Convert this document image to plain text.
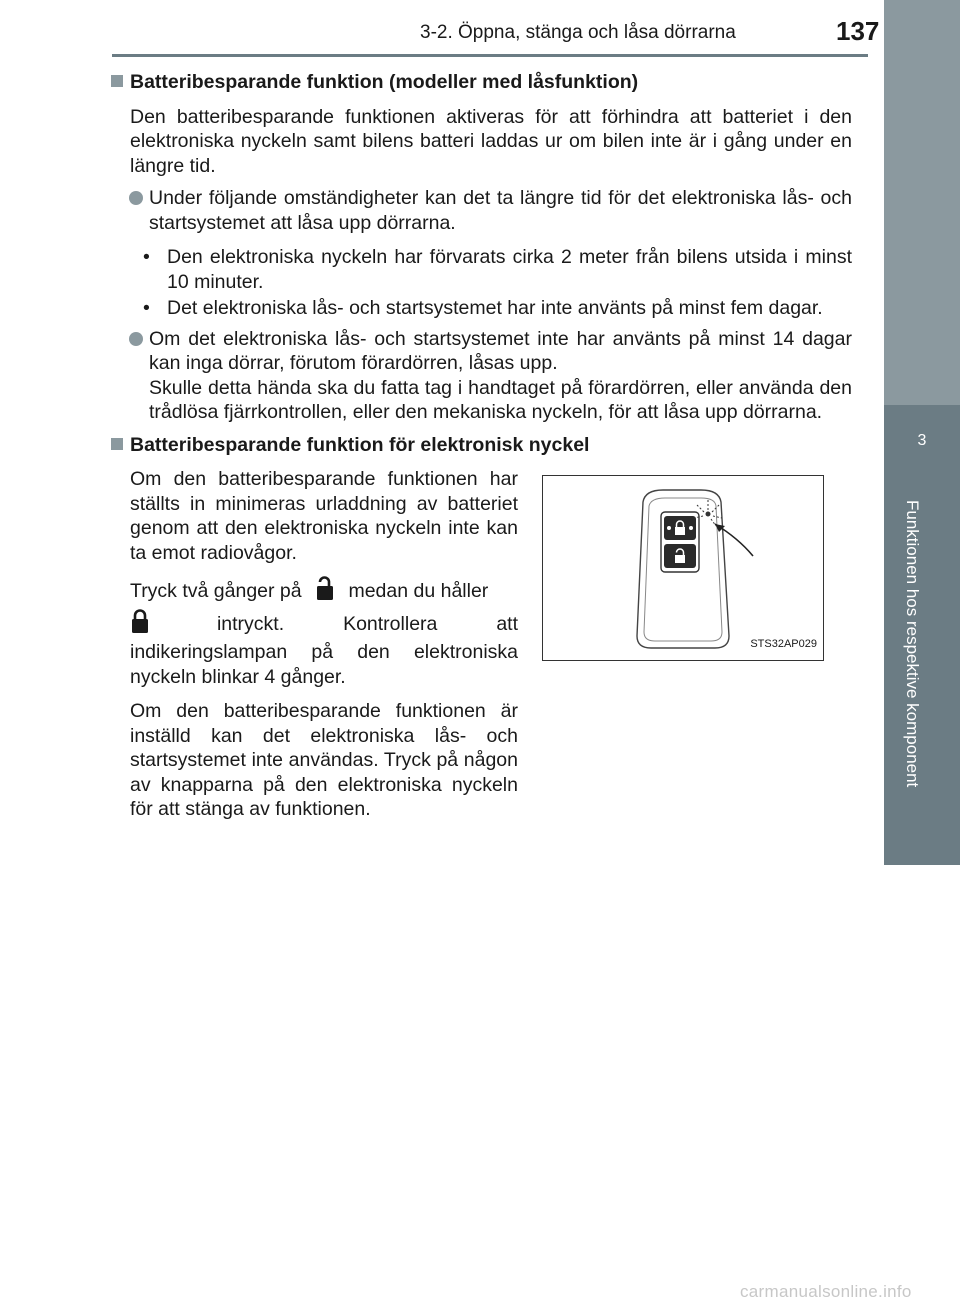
3-2. Öppna, stänga och låsa dörrarna	137
3
Funktionen hos respektive komponent
Batteribesparande funktion (modeller med låsfunktion)

Den batteribesparande funktionen aktiveras för att förhindra att batteriet i den elektroniska nyckeln samt bilens batteri laddas ur om bilen inte är i gång under en längre tid.

Under följande omständigheter kan det ta längre tid för det elektroniska lås- och startsystemet att låsa upp dörrarna.
• Den elektroniska nyckeln har förvarats cirka 2 meter från bilens utsida i minst 10 minuter.
• Det elektroniska lås- och startsystemet har inte använts på minst fem dagar.
Om det elektroniska lås- och startsystemet inte har använts på minst 14 dagar kan inga dörrar, förutom förardörren, låsas upp.
Skulle detta hända ska du fatta tag i handtaget på förardörren, eller använda den trådlösa fjärrkontrollen, eller den mekaniska nyckeln, för att låsa upp dörrarna.
Batteribesparande funktion för elektronisk nyckel

Om den batteribesparande funktionen har ställts in minimeras urladdning av batteriet genom att den elektroniska nyckeln inte kan ta emot radiovågor.

Tryck två gånger på medan du håller
intryckt. Kontrollera att indikeringslampan på den elektroniska nyckeln blinkar 4 gånger.

Om den batteribesparande funktionen är inställd kan det elektroniska lås- och startsystemet inte användas. Tryck på någon av knapparna på den elektroniska nyckeln för att stänga av funktionen.

STS32AP029
carmanualsonline.info
